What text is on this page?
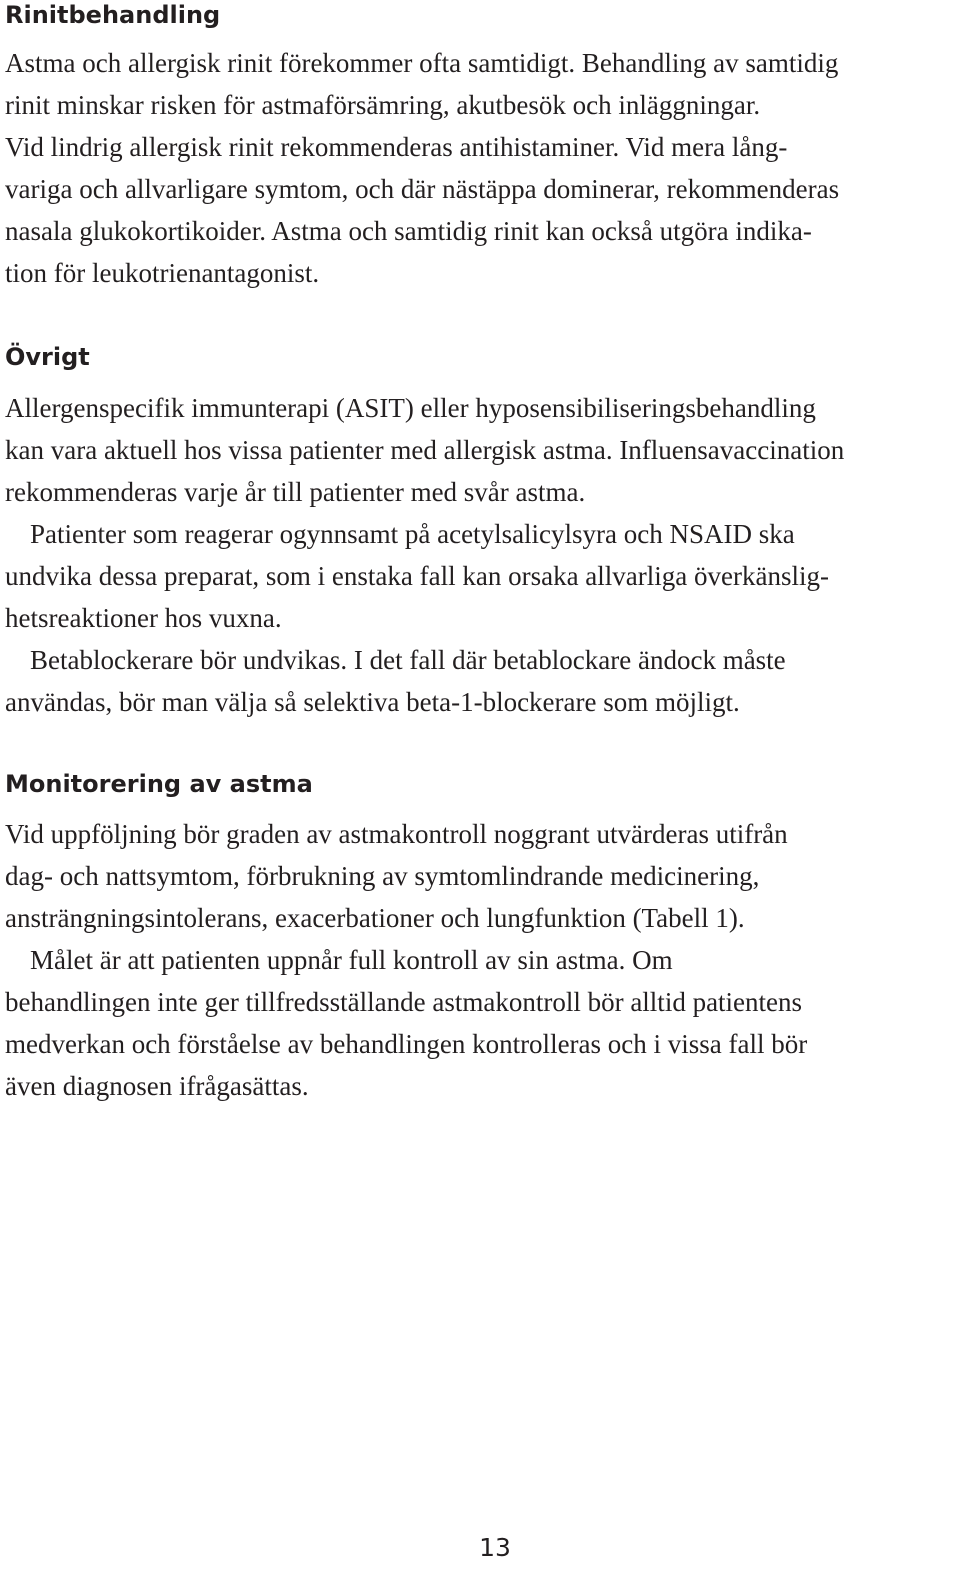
Rinitbehandling

Astma och allergisk rinit förekommer ofta samtidigt. Behandling av samtidig
rinit minskar risken för astmaförsämring, akutbesök och inläggningar.
Vid lindrig allergisk rinit rekommenderas antihistaminer. Vid mera lång-
variga och allvarligare symtom, och där nästäppa dominerar, rekommenderas
nasala glukokortikoider. Astma och samtidig rinit kan också utgöra indika-
tion för leukotrienantagonist.

Övrigt

Allergenspecifik immunterapi (ASIT) eller hyposensibiliseringsbehandling
kan vara aktuell hos vissa patienter med allergisk astma. Influensavaccination
rekommenderas varje år till patienter med svår astma.
Patienter som reagerar ogynnsamt på acetylsalicylsyra och NSAID ska
undvika dessa preparat, som i enstaka fall kan orsaka allvarliga överkänslig-
hetsreaktioner hos vuxna.
Betablockerare bör undvikas. I det fall där betablockare ändock måste
användas, bör man välja så selektiva beta-1-blockerare som möjligt.

Monitorering av astma

Vid uppföljning bör graden av astmakontroll noggrant utvärderas utifrån
dag- och nattsymtom, förbrukning av symtomlindrande medicinering,
ansträngningsintolerans, exacerbationer och lungfunktion (Tabell 1).
Målet är att patienten uppnår full kontroll av sin astma. Om
behandlingen inte ger tillfredsställande astmakontroll bör alltid patientens
medverkan och förståelse av behandlingen kontrolleras och i vissa fall bör
även diagnosen ifrågasättas.

13
